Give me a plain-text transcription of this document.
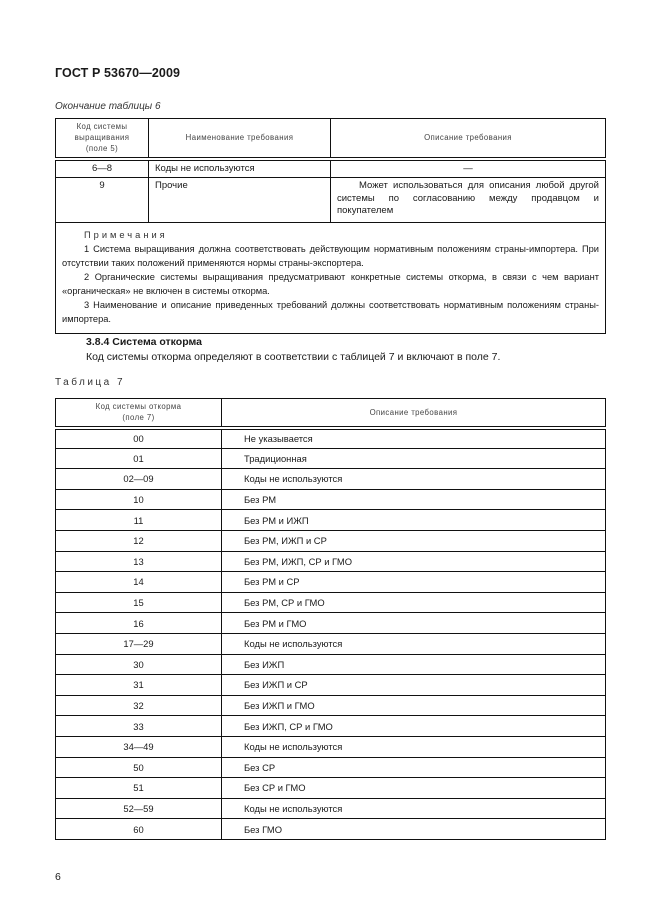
ГОСТ Р 53670—2009
Окончание таблицы 6
Код системы
выращивания
(поле 5)	Наименование требования	Описание требования
6—8	Коды не используются	—
9	Прочие	Может использоваться для описания любой другой системы по согласованию между продавцом и покупателем

Примечания
1 Система выращивания должна соответствовать действующим нормативным положениям страны-импортера. При отсутствии таких положений применяются нормы страны-экспортера.
2 Органические системы выращивания предусматривают конкретные системы откорма, в связи с чем вариант «органическая» не включен в системы откорма.
3 Наименование и описание приведенных требований должны соответствовать нормативным положениям страны-импортера.		
3.8.4 Система откорма
Код системы откорма определяют в соответствии с таблицей 7 и включают в поле 7.
Таблица 7
Код системы откорма
(поле 7)	Описание требования
00	Не указывается
01	Традиционная
02—09	Коды не используются
10	Без РМ
11	Без РМ и ИЖП
12	Без РМ, ИЖП и СР
13	Без РМ, ИЖП, СР и ГМО
14	Без РМ и СР
15	Без РМ, СР и ГМО
16	Без РМ и ГМО
17—29	Коды не используются
30	Без ИЖП
31	Без ИЖП и СР
32	Без ИЖП и ГМО
33	Без ИЖП, СР и ГМО
34—49	Коды не используются
50	Без СР
51	Без СР и ГМО
52—59	Коды не используются
60	Без ГМО
6
